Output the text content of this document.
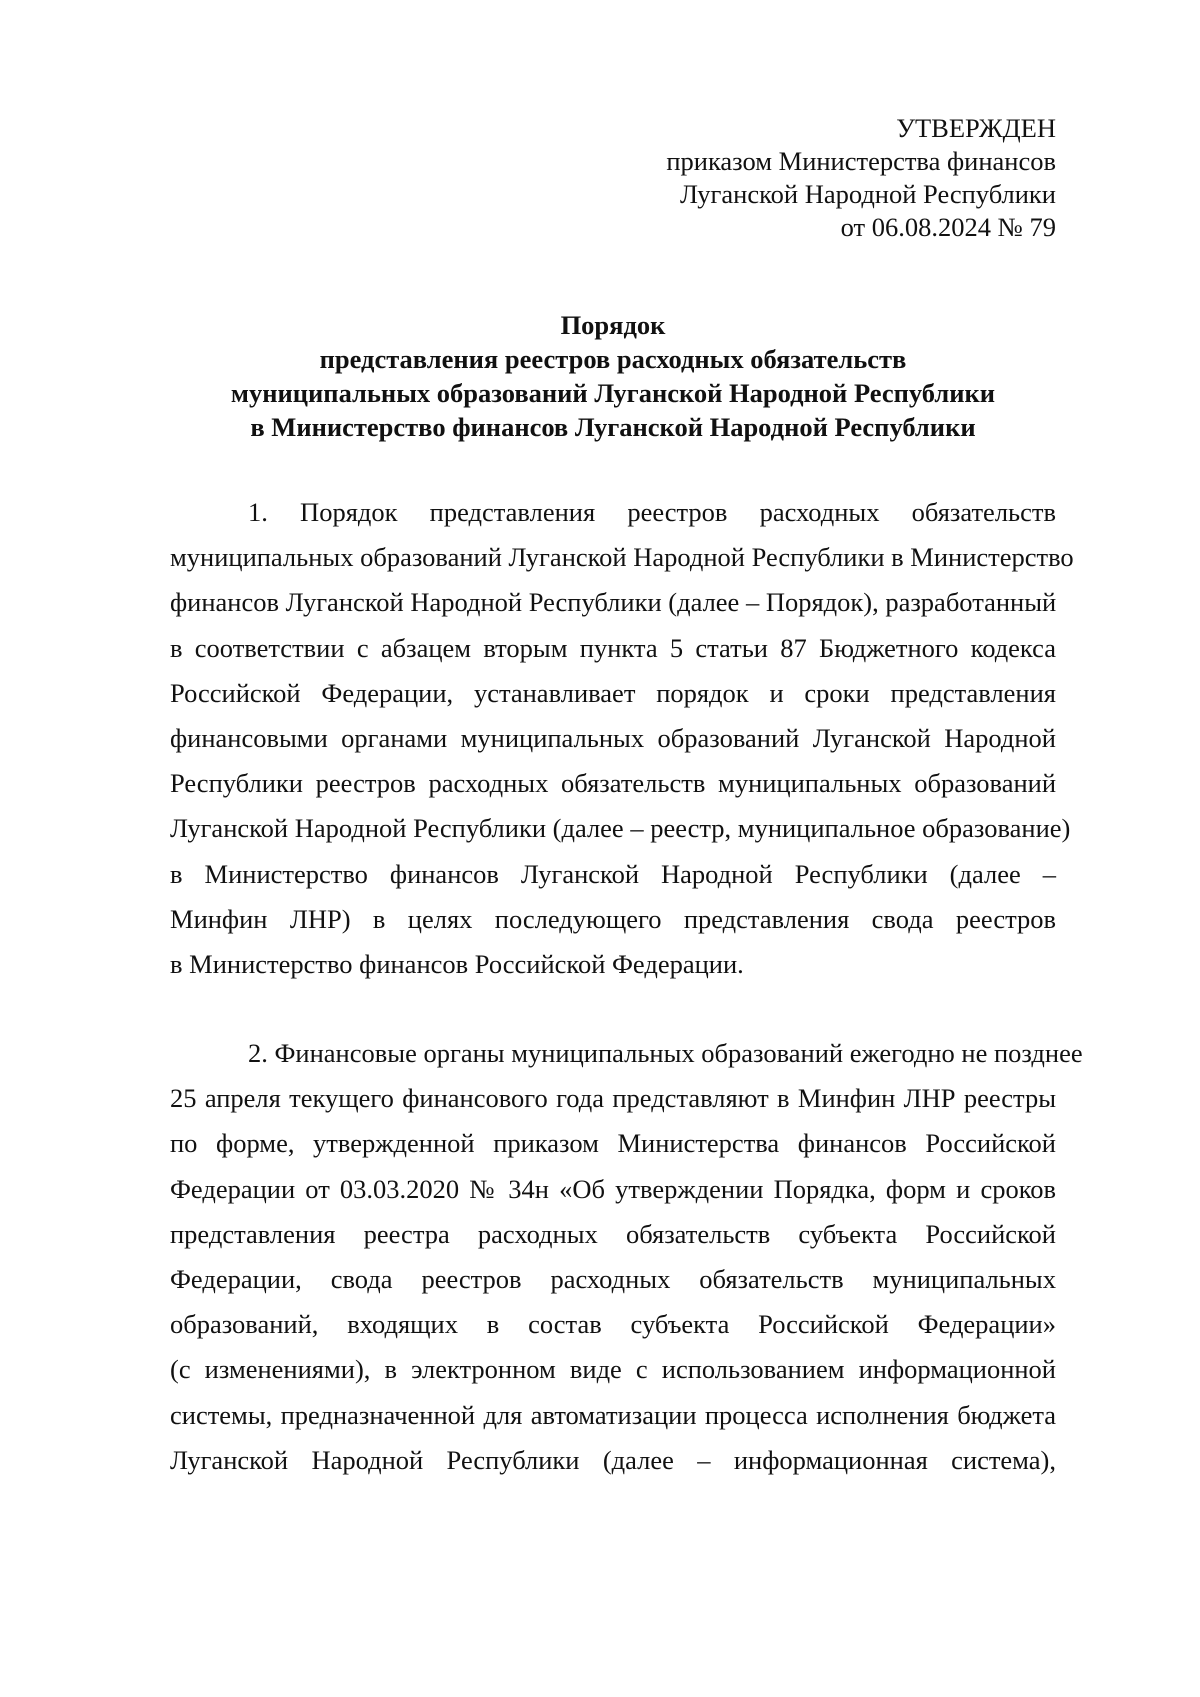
УТВЕРЖДЕН
приказом Министерства финансов
Луганской Народной Республики
от 06.08.2024 № 79
Порядок
представления реестров расходных обязательств
муниципальных образований Луганской Народной Республики
в Министерство финансов Луганской Народной Республики
1. Порядок представления реестров расходных обязательств
муниципальных образований Луганской Народной Республики в Министерство
финансов Луганской Народной Республики (далее – Порядок), разработанный
в соответствии с абзацем вторым пункта 5 статьи 87 Бюджетного кодекса
Российской Федерации, устанавливает порядок и сроки представления
финансовыми органами муниципальных образований Луганской Народной
Республики реестров расходных обязательств муниципальных образований
Луганской Народной Республики (далее – реестр, муниципальное образование)
в Министерство финансов Луганской Народной Республики (далее –
Минфин ЛНР) в целях последующего представления свода реестров
в Министерство финансов Российской Федерации.
2. Финансовые органы муниципальных образований ежегодно не позднее
25 апреля текущего финансового года представляют в Минфин ЛНР реестры
по форме, утвержденной приказом Министерства финансов Российской
Федерации от 03.03.2020 № 34н «Об утверждении Порядка, форм и сроков
представления реестра расходных обязательств субъекта Российской
Федерации, свода реестров расходных обязательств муниципальных
образований, входящих в состав субъекта Российской Федерации»
(с изменениями), в электронном виде с использованием информационной
системы, предназначенной для автоматизации процесса исполнения бюджета
Луганской Народной Республики (далее – информационная система),
